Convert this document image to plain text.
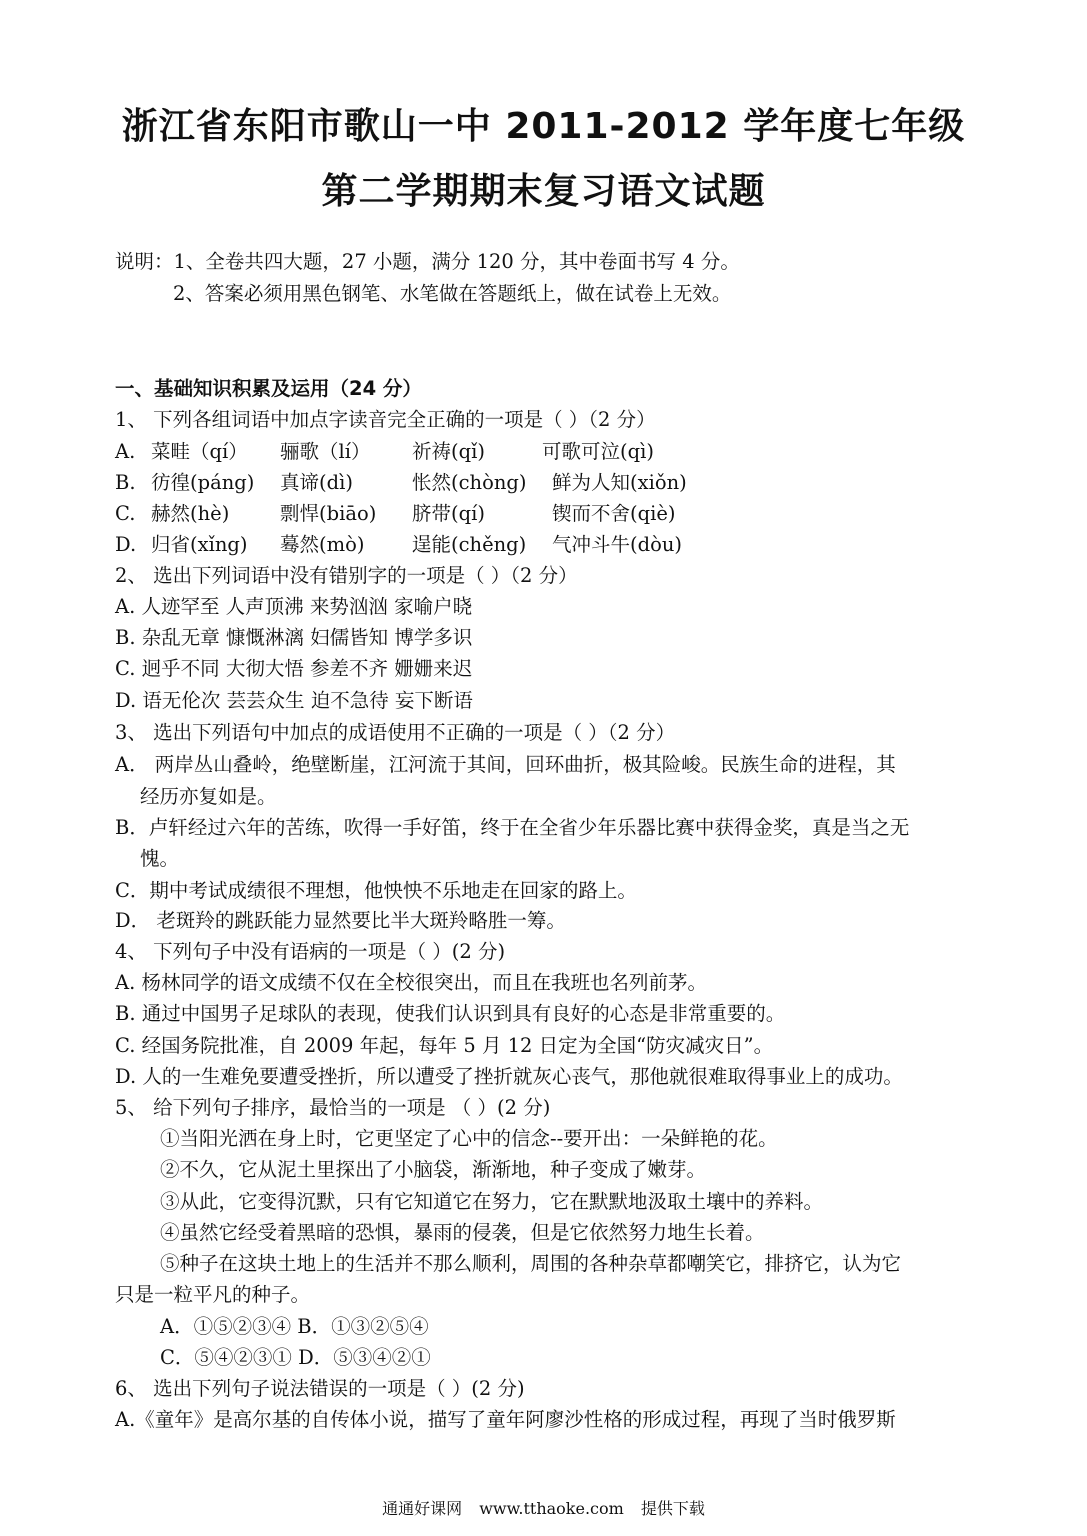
浙江省东阳市歌山一中 2011-2012 学年度七年级
第二学期期末复习语文试题
说明：1、全卷共四大题，27 小题，满分 120 分，其中卷面书写 4 分。
2、答案必须用黑色钢笔、水笔做在答题纸上，做在试卷上无效。
一、基础知识积累及运用（24 分）
1、 下列各组词语中加点字读音完全正确的一项是（ ）（2 分）
A. 菜畦（qí） 骊歌（lí） 祈祷(qǐ)	可歌可泣(qì)
B. 彷徨(páng) 真谛(dì)	怅然(chòng) 鲜为人知(xiǒn)
C. 赫然(hè)	剽悍(biāo) 脐带(qí)	锲而不舍(qiè)
D. 归省(xǐng) 蓦然(mò) 逞能(chěng) 气冲斗牛(dòu)
2、 选出下列词语中没有错别字的一项是（ ）（2 分）
A. 人迹罕至 人声顶沸 来势汹汹 家喻户晓
B. 杂乱无章 慷慨淋漓 妇儒皆知 博学多识
C. 迥乎不同 大彻大悟 参差不齐 姗姗来迟
D. 语无伦次 芸芸众生 迫不急待 妄下断语
3、 选出下列语句中加点的成语使用不正确的一项是（ ）（2 分）
A． 两岸丛山叠岭，绝壁断崖，江河流于其间，回环曲折，极其险峻。民族生命的进程，其
经历亦复如是。
B．卢轩经过六年的苦练，吹得一手好笛，终于在全省少年乐器比赛中获得金奖，真是当之无
愧。
C．期中考试成绩很不理想，他怏怏不乐地走在回家的路上。
D． 老斑羚的跳跃能力显然要比半大斑羚略胜一筹。
4、 下列句子中没有语病的一项是（ ）(2 分)
A. 杨林同学的语文成绩不仅在全校很突出，而且在我班也名列前茅。
B. 通过中国男子足球队的表现，使我们认识到具有良好的心态是非常重要的。
C. 经国务院批准，自 2009 年起，每年 5 月 12 日定为全国“防灾减灾日”。
D. 人的一生难免要遭受挫折，所以遭受了挫折就灰心丧气，那他就很难取得事业上的成功。
5、 给下列句子排序，最恰当的一项是 （ ）(2 分)
①当阳光洒在身上时，它更坚定了心中的信念--要开出：一朵鲜艳的花。
②不久，它从泥土里探出了小脑袋，渐渐地，种子变成了嫩芽。
③从此，它变得沉默，只有它知道它在努力，它在默默地汲取土壤中的养料。
④虽然它经受着黑暗的恐惧，暴雨的侵袭，但是它依然努力地生长着。
⑤种子在这块土地上的生活并不那么顺利，周围的各种杂草都嘲笑它，排挤它，认为它
只是一粒平凡的种子。
A．①⑤②③④ B．①③②⑤④
C．⑤④②③① D．⑤③④②①
6、 选出下列句子说法错误的一项是（ ）(2 分)
A.《童年》是高尔基的自传体小说，描写了童年阿廖沙性格的形成过程，再现了当时俄罗斯
通通好课网 www.tthaoke.com 提供下载
